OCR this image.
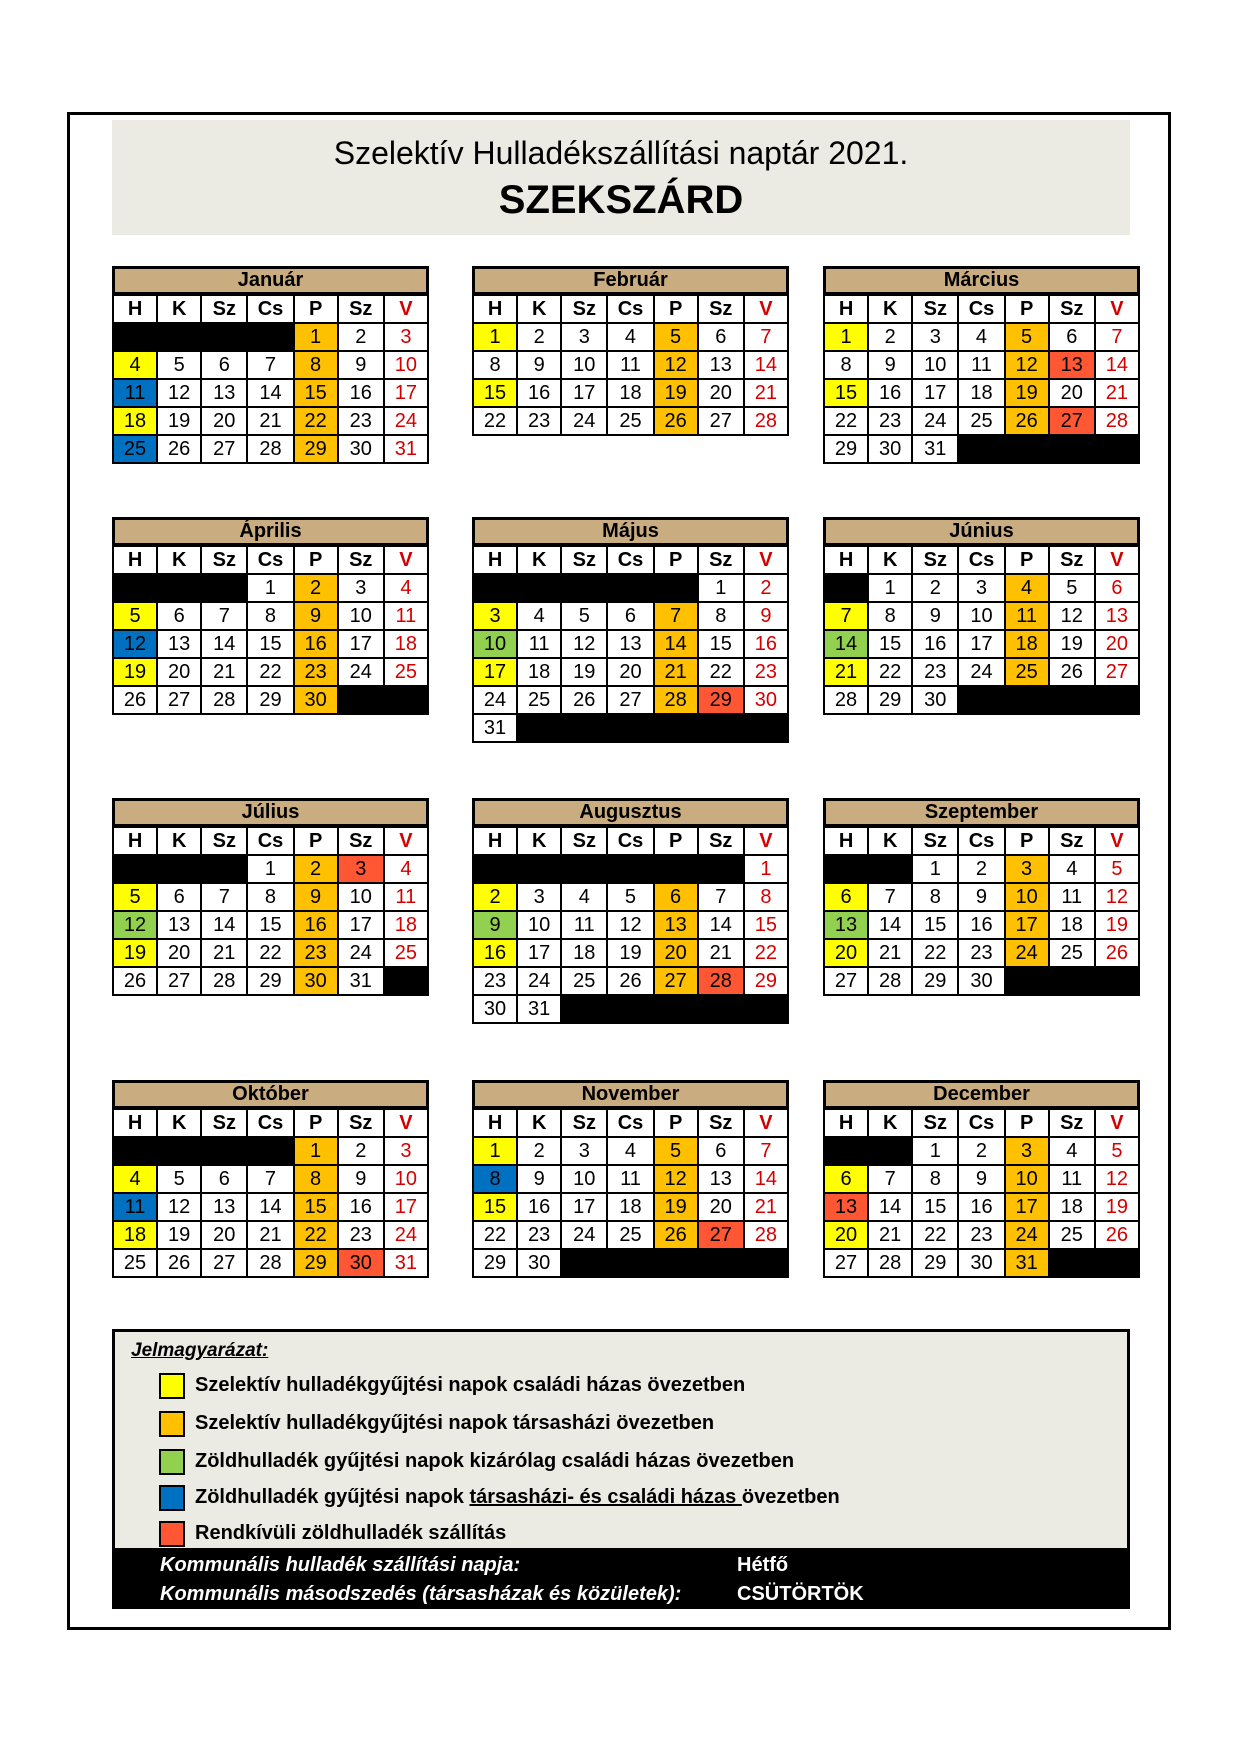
Szelektív Hulladékszállítási naptár 2021.
SZEKSZÁRD
Január
H	K	Sz	Cs	P	Sz	V
				1	2	3
4	5	6	7	8	9	10
11	12	13	14	15	16	17
18	19	20	21	22	23	24
25	26	27	28	29	30	31
Február
H	K	Sz	Cs	P	Sz	V
1	2	3	4	5	6	7
8	9	10	11	12	13	14
15	16	17	18	19	20	21
22	23	24	25	26	27	28
Március
H	K	Sz	Cs	P	Sz	V
1	2	3	4	5	6	7
8	9	10	11	12	13	14
15	16	17	18	19	20	21
22	23	24	25	26	27	28
29	30	31				
Április
H	K	Sz	Cs	P	Sz	V
			1	2	3	4
5	6	7	8	9	10	11
12	13	14	15	16	17	18
19	20	21	22	23	24	25
26	27	28	29	30		
Május
H	K	Sz	Cs	P	Sz	V
					1	2
3	4	5	6	7	8	9
10	11	12	13	14	15	16
17	18	19	20	21	22	23
24	25	26	27	28	29	30
31						
Június
H	K	Sz	Cs	P	Sz	V
	1	2	3	4	5	6
7	8	9	10	11	12	13
14	15	16	17	18	19	20
21	22	23	24	25	26	27
28	29	30				
Július
H	K	Sz	Cs	P	Sz	V
			1	2	3	4
5	6	7	8	9	10	11
12	13	14	15	16	17	18
19	20	21	22	23	24	25
26	27	28	29	30	31	
Augusztus
H	K	Sz	Cs	P	Sz	V
						1
2	3	4	5	6	7	8
9	10	11	12	13	14	15
16	17	18	19	20	21	22
23	24	25	26	27	28	29
30	31					
Szeptember
H	K	Sz	Cs	P	Sz	V
		1	2	3	4	5
6	7	8	9	10	11	12
13	14	15	16	17	18	19
20	21	22	23	24	25	26
27	28	29	30			
Október
H	K	Sz	Cs	P	Sz	V
				1	2	3
4	5	6	7	8	9	10
11	12	13	14	15	16	17
18	19	20	21	22	23	24
25	26	27	28	29	30	31
November
H	K	Sz	Cs	P	Sz	V
1	2	3	4	5	6	7
8	9	10	11	12	13	14
15	16	17	18	19	20	21
22	23	24	25	26	27	28
29	30					
December
H	K	Sz	Cs	P	Sz	V
		1	2	3	4	5
6	7	8	9	10	11	12
13	14	15	16	17	18	19
20	21	22	23	24	25	26
27	28	29	30	31		
Jelmagyarázat:
Szelektív hulladékgyűjtési napok családi házas övezetben
Szelektív hulladékgyűjtési napok társasházi övezetben
Zöldhulladék gyűjtési napok kizárólag családi házas övezetben
Zöldhulladék gyűjtési napok társasházi- és családi házas övezetben
Rendkívüli zöldhulladék szállítás
Kommunális hulladék szállítási napja:	Hétfő
Kommunális másodszedés (társasházak és közületek):	CSÜTÖRTÖK
